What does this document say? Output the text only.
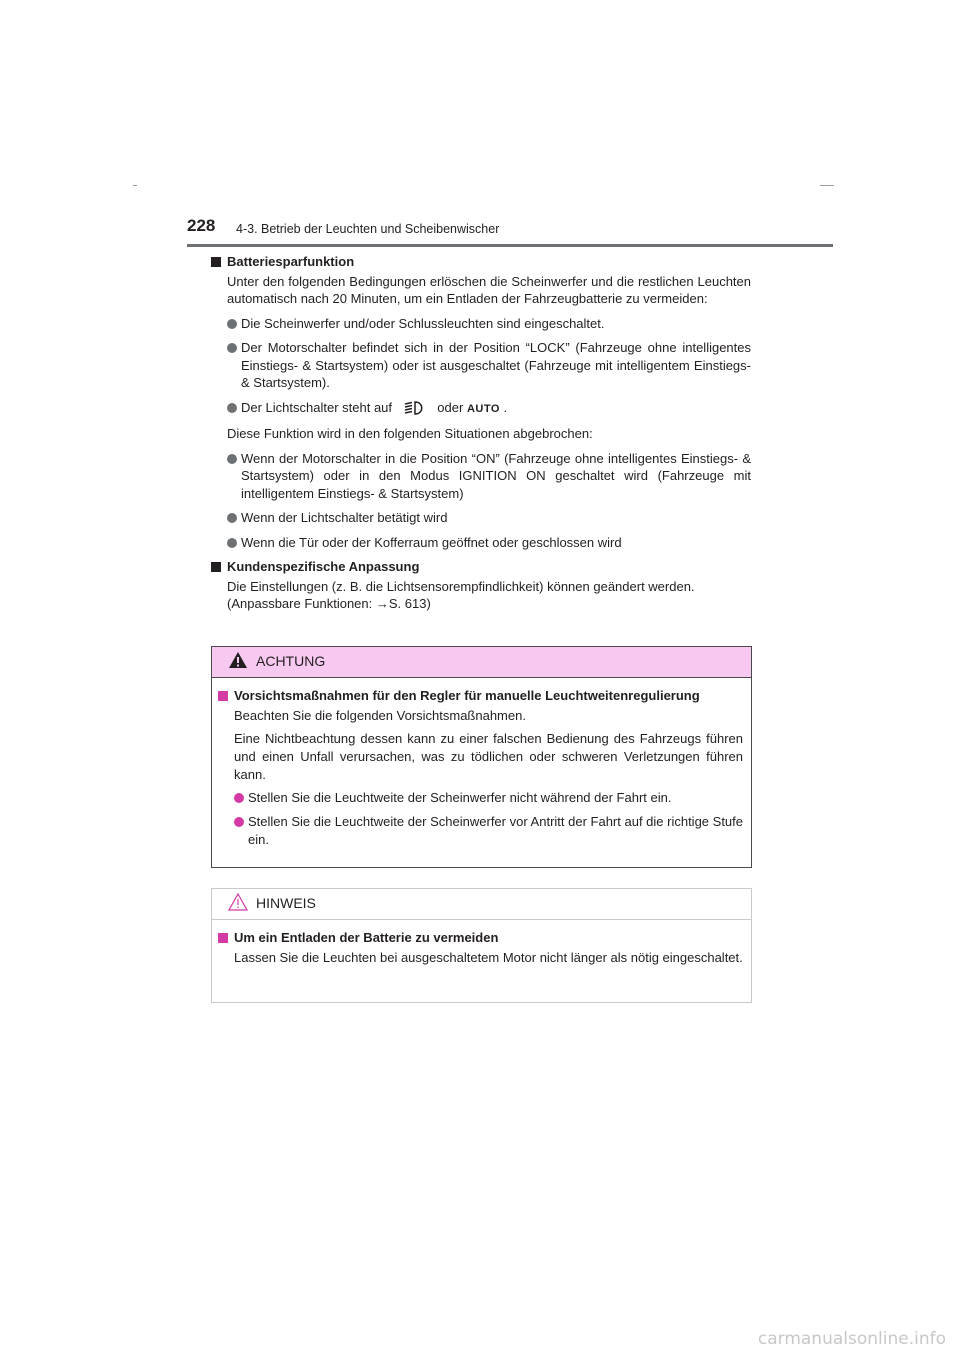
228 4-3. Betrieb der Leuchten und Scheibenwischer
Batteriesparfunktion
Unter den folgenden Bedingungen erlöschen die Scheinwerfer und die restlichen Leuchten automatisch nach 20 Minuten, um ein Entladen der Fahrzeugbatterie zu vermeiden:
Die Scheinwerfer und/oder Schlussleuchten sind eingeschaltet.
Der Motorschalter befindet sich in der Position “LOCK” (Fahrzeuge ohne intelligentes Einstiegs- & Startsystem) oder ist ausgeschaltet (Fahrzeuge mit intelligentem Einstiegs- & Startsystem).
Der Lichtschalter steht auf	oder AUTO .
Diese Funktion wird in den folgenden Situationen abgebrochen:
Wenn der Motorschalter in die Position “ON” (Fahrzeuge ohne intelligentes Einstiegs- & Startsystem) oder in den Modus IGNITION ON geschaltet wird (Fahrzeuge mit intelligentem Einstiegs- & Startsystem)
Wenn der Lichtschalter betätigt wird
Wenn die Tür oder der Kofferraum geöffnet oder geschlossen wird
Kundenspezifische Anpassung
Die Einstellungen (z. B. die Lichtsensorempfindlichkeit) können geändert werden.
(Anpassbare Funktionen: →S. 613)
ACHTUNG
Vorsichtsmaßnahmen für den Regler für manuelle Leuchtweitenregulierung
Beachten Sie die folgenden Vorsichtsmaßnahmen.
Eine Nichtbeachtung dessen kann zu einer falschen Bedienung des Fahrzeugs führen und einen Unfall verursachen, was zu tödlichen oder schweren Verletzungen führen kann.
Stellen Sie die Leuchtweite der Scheinwerfer nicht während der Fahrt ein.
Stellen Sie die Leuchtweite der Scheinwerfer vor Antritt der Fahrt auf die richtige Stufe ein.
HINWEIS
Um ein Entladen der Batterie zu vermeiden
Lassen Sie die Leuchten bei ausgeschaltetem Motor nicht länger als nötig eingeschaltet.
carmanualsonline.info
